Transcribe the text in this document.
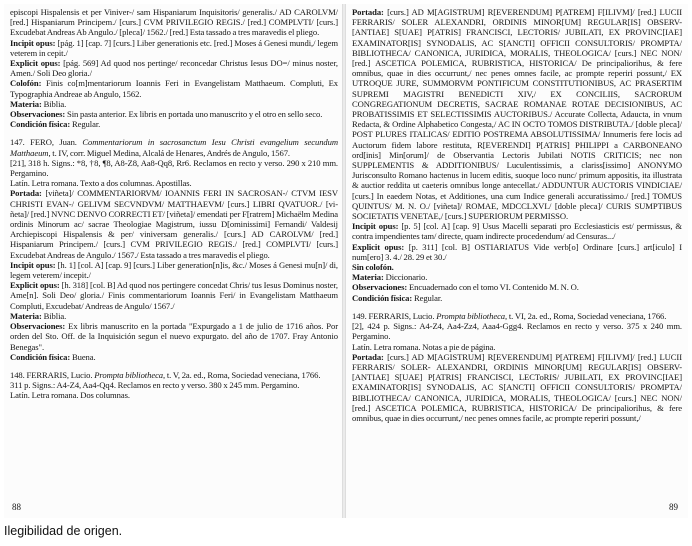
episcopi Hispalensis et per Viniver-/ sam Hispaniarum Inquisitoris/ generalis./ AD CAROLVM/ [red.] Hispaniarum Principem./ [curs.] CVM PRIVILEGIO REGIS./ [red.] COMPLVTI/ [curs.] Excudebat Andreas Ab Angulo./ [pleca]/ 1562./ [red.] Esta tassado a tres maravedis el pliego.

Incipit opus: [pág. 1] [cap. 7] [curs.] Liber generationis etc. [red.] Moses á Genesi mundi,/ legem veterem in cepit./

Explicit opus: [pág. 569] Ad quod nos pertinge/ reconcedar Christus Iesus DO=/ minus noster, Amen./ Soli Deo gloria./

Colofón: Finis co[m]mentariorum Ioannis Feri in Evangelistam Matthaeum. Compluti, Ex Typographia Andreae ab Angulo, 1562.

Materia: Biblia.

Observaciones: Sin pasta anterior. Ex libris en portada uno manuscrito y el otro en sello seco.

Condición física: Regular.

147. FERO, Juan. Commentariorum in sacrosanctum Iesu Christi evangelium secundum Matthaeum, t. IV, corr. Miguel Medina, Alcalá de Henares, Andrés de Angulo, 1567.

[21], 318 h. Signs.: *8, †8, ¶8, A8-Z8, Aa8-Qq8, Rr6. Reclamos en recto y verso. 290 x 210 mm. Pergamino.

Latín. Letra romana. Texto a dos columnas. Apostillas.

Portada: [viñeta]/ COMMENTARIORVM/ IOANNIS FERI IN SACROSAN-/ CTVM IESV CHRISTI EVAN-/ GELIVM SECVNDVM/ MATTHAEVM/ [curs.] LIBRI QVATUOR./ [vi-ñeta]/ [red.] NVNC DENVO CORRECTI ET/ [viñeta]/ emendati per F[ratrem] Michaëlm Medina ordinis Minorum ac/ sacrae Theologiae Magistrum, iussu D[ominissimi] Fernandi/ Valdesij Archiepiscopi Hispalensis & per/ viniversam generalis./ [curs.] AD CAROLVM/ [red.] Hispaniarum Principem./ [curs.] CVM PRIVILEGIO REGIS./ [red.] COMPLVTI/ [curs.] Excudebat Andreas de Angulo./ 1567./ Esta tassado a tres maravedis el pliego.

Incipit opus: [h. 1] [col. A] [cap. 9] [curs.] Liber generation[n]is, &c./ Moses á Genesi mu[n]/ di, legem veterem/ incepit./

Explicit opus: [h. 318] [col. B] Ad quod nos pertingere concedat Chris/ tus Iesus Dominus noster, Ame[n]. Soli Deo/ gloria./ Finis commentariorum Ioannis Feri/ in Evangelistam Matthaeum Compluti, Excudebat/ Andreas de Angulo/ 1567./

Materia: Biblia.

Observaciones: Ex libris manuscrito en la portada "Expurgado a 1 de julio de 1716 años. Por orden del Sto. Off. de la Inquisición segun el nuevo expurgato. del año de 1707. Fray Antonio Benegas".

Condición física: Buena.

148. FERRARIS, Lucio. Prompta bibliotheca, t. V, 2a. ed., Roma, Sociedad veneciana, 1766.

311 p. Signs.: A4-Z4, Aa4-Qq4. Reclamos en recto y verso. 380 x 245 mm. Pergamino.

Latín. Letra romana. Dos columnas.

88

Portada: [curs.] AD M[AGISTRUM] R[EVERENDUM] P[ATREM] F[ILIVM]/ [red.] LUCII FERRARIS/ SOLER ALEXANDRI, ORDINIS MINOR[UM] REGULAR[IS] OBSERV-[ANTIAE] S[UAE] P[ATRIS] FRANCISCI, LECTORIS/ JUBILATI, EX PROVINC[IAE] EXAMINATOR[IS] SYNODALIS, AC S[ANCTI] OFFICII CONSULTORIS/ PROMPTA/ BIBLIOTHECA/ CANONICA, JURIDICA, MORALIS, THEOLOGICA/ [curs.] NEC NON/ [red.] ASCETICA POLEMICA, RUBRISTICA, HISTORICA/ De principaliorihus, & fere omnibus, quae in dies occurrunt,/ nec penes omnes facile, ac prompte reperiri possunt,/ EX UTROQUE JURE, SUMMORVM PONTIFICUM CONSTITUTIONIBUS, AC PRASERTIM SUPREMI MAGISTRI BENEDICTI XIV,/ EX CONCILIIS, SACRORUM CONGREGATIONUM DECRETIS, SACRAE ROMANAE ROTAE DECISIONIBUS, AC PROBATISSIMIS ET SELECTISSIMIS AUCTORIBUS./ Accurate Collecta, Adaucta, in vnum Redacta, & Ordine Alphabetico Congesta,/ AC IN OCTO TOMOS DISTRIBUTA./ [doble pleca]/ POST PLURES ITALICAS/ EDITIO POSTREMA ABSOLUTISSIMA/ Innumeris fere locis ad Auctorum fidem labore restituta, R[EVERENDI] P[ATRIS] PHILIPPI a CARBONEANO ord[inis] Min[orum]/ de Observantia Lectoris Jubilati NOTIS CRITICIS; nec non SUPPLEMENTIS & ADDITIONIBUS/ Luculentissimis, a clariss[issimo] ANONYMO Jurisconsulto Romano hactenus in lucem editis, suoque loco nunc/ primum appositis, ita illustrata & auctior reddita ut caeteris omnibus longe antecellat./ ADDUNTUR AUCTORIS VINDICIAE/ [curs.] In eaedem Notas, et Additiones, una cum Indice generali accuratissimo./ [red.] TOMUS QUINTUS/ M. N. O./ [viñeta]/ ROMAE, MDCCLXVI./ [doble pleca]/ CURIS SUMPTIBUS SOCIETATIS VENETAE,/ [curs.] SUPERIORUM PERMISSO.

Incipit opus: [p. 5] [col. A] [cap. 9] Usus Macelli separati pro Ecclesiasticis est/ permissus, & contra impendientes tam/ directe, quam indirecte procedendum/ ad Censuras.../

Explicit opus: [p. 311] [col. B] OSTIARIATUS Vide verb[o] Ordinare [curs.] art[iculo] I num[ero] 3. 4./ 28. 29 et 30./

Sin colofón.

Materia: Diccionario.

Observaciones: Encuadernado con el tomo VI. Contenido M. N. O.

Condición física: Regular.

149. FERRARIS, Lucio. Prompta bibliotheca, t. VI, 2a. ed., Roma, Sociedad veneciana, 1766.

[2], 424 p. Signs.: A4-Z4, Aa4-Zz4, Aaa4-Ggg4. Reclamos en recto y verso. 375 x 240 mm. Pergamino.

Latín. Letra romana. Notas a pie de página.

Portada: [curs.] AD M[AGISTRUM] R[EVERENDUM] P[ATREM] F[ILIVM]/ [red.] LUCII FERRARIS/ SOLER- ALEXANDRI, ORDINIS MINOR[UM] REGULAR[IS] OBSERV-[ANTIAE] S[UAE] P[ATRIS] FRANCISCI, LECToRIS/ JUBILATI, EX PROVINC[IAE] EXAMINATOR[IS] SYNODALIS, AC S[ANCTI] OFFICII CONSULTORIS/ PROMPTA/ BIBLIOTHECA/ CANONICA, JURIDICA, MORALIS, THEOLOGICA/ [curs.] NEC NON/ [red.] ASCETICA POLEMICA, RUBRISTICA, HISTORICA/ De principaliorihus, & fere omnibus, quae in dies occurrunt,/ nec penes omnes facile, ac prompte reperiri possunt,/

89
Ilegibilidad de origen.
